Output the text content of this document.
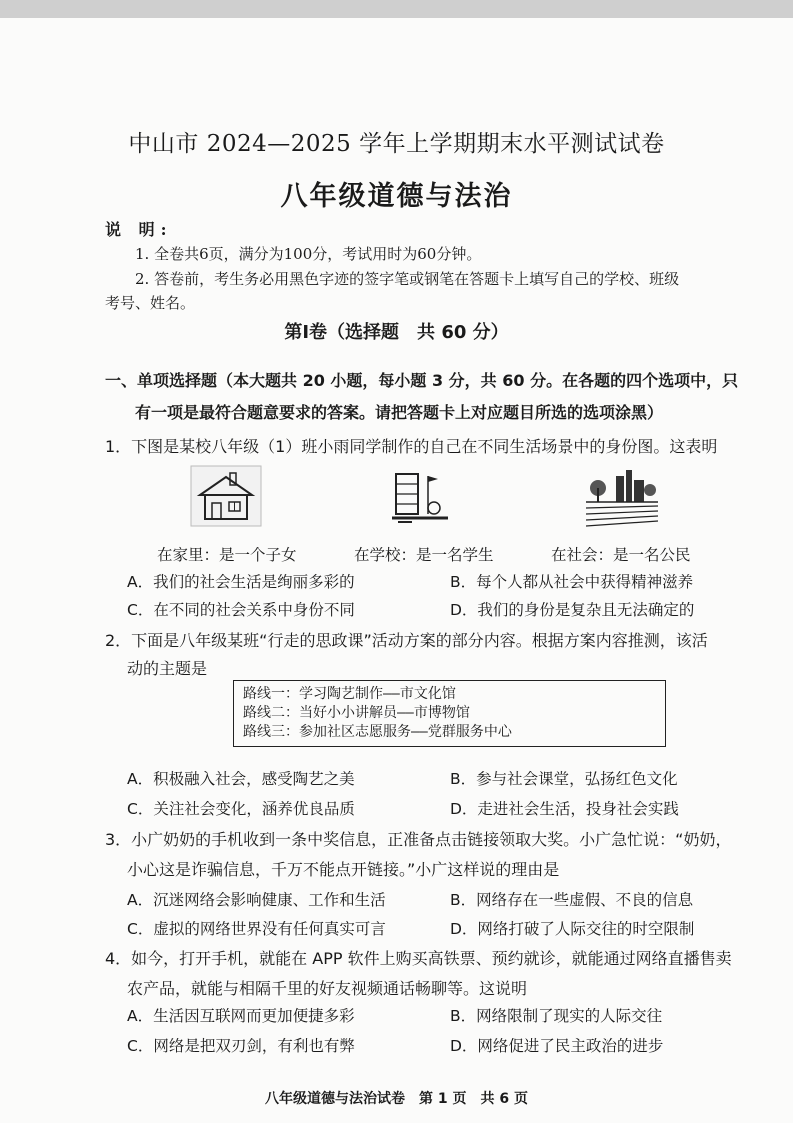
中山市 2024—2025 学年上学期期末水平测试试卷
八年级道德与法治
说 明:
1. 全卷共6页，满分为100分，考试用时为60分钟。
2. 答卷前，考生务必用黑色字迹的签字笔或钢笔在答题卡上填写自己的学校、班级
考号、姓名。
第Ⅰ卷（选择题　共 60 分）
一、单项选择题（本大题共 20 小题，每小题 3 分，共 60 分。在各题的四个选项中，只
有一项是最符合题意要求的答案。请把答题卡上对应题目所选的选项涂黑）
1．下图是某校八年级（1）班小雨同学制作的自己在不同生活场景中的身份图。这表明
在家里：是一个子女	在学校：是一名学生	在社会：是一名公民
A．我们的社会生活是绚丽多彩的	B．每个人都从社会中获得精神滋养
C．在不同的社会关系中身份不同	D．我们的身份是复杂且无法确定的
2．下面是八年级某班“行走的思政课”活动方案的部分内容。根据方案内容推测，该活
动的主题是
路线一：学习陶艺制作——市文化馆
路线二：当好小小讲解员——市博物馆
路线三：参加社区志愿服务——党群服务中心
A．积极融入社会，感受陶艺之美	B．参与社会课堂，弘扬红色文化
C．关注社会变化，涵养优良品质	D．走进社会生活，投身社会实践
3．小广奶奶的手机收到一条中奖信息，正准备点击链接领取大奖。小广急忙说：“奶奶，
小心这是诈骗信息，千万不能点开链接。”小广这样说的理由是
A．沉迷网络会影响健康、工作和生活	B．网络存在一些虚假、不良的信息
C．虚拟的网络世界没有任何真实可言	D．网络打破了人际交往的时空限制
4．如今，打开手机，就能在 APP 软件上购买高铁票、预约就诊，就能通过网络直播售卖
农产品，就能与相隔千里的好友视频通话畅聊等。这说明
A．生活因互联网而更加便捷多彩	B．网络限制了现实的人际交往
C．网络是把双刃剑，有利也有弊	D．网络促进了民主政治的进步
八年级道德与法治试卷　第 1 页　共 6 页
